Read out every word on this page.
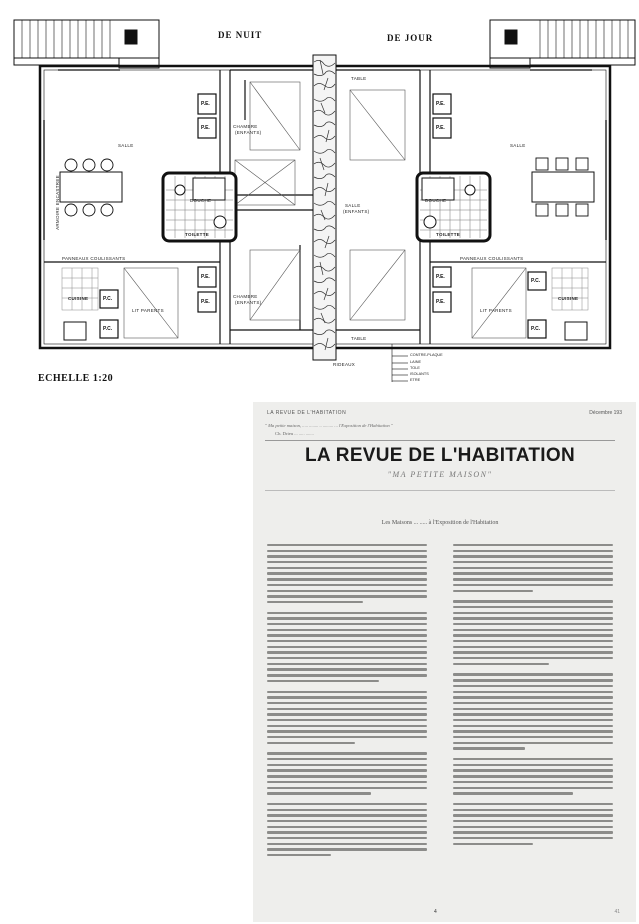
DE NUIT	DE JOUR
SALLE	SALLE
CHAMBRE
(ENFANTS)
CHAMBRE
(ENFANTS)
SALLE
(ENFANTS)
DOUCHE	DOUCHE
TOILETTE	TOILETTE
CUISINE	CUISINE
LIT PARENTS	LIT PARENTS
TABLE
TABLE
PANNEAUX COULISSANTS	PANNEAUX COULISSANTS
ARMOIRE ENCASTREE
RIDEAUX
P.E.
P.E.
P.E.
P.E.
P.E.
P.E.
P.E.
P.E.
P.C.
P.C.
P.C.
P.C.
CONTRE-PLAQUE
LAINE
TOLE
ISOLANTS
ETRE
ECHELLE 1:20
LA REVUE DE L'HABITATION	Décembre 193
" Ma petite maison, ..... ........ .. ......... ... l'Exposition de l'Habitation "
Ch. Drieu ... ..... .......
LA REVUE DE L'HABITATION
"MA PETITE MAISON"
Les Maisons ... ..... à l'Exposition de l'Habitation
4	41
